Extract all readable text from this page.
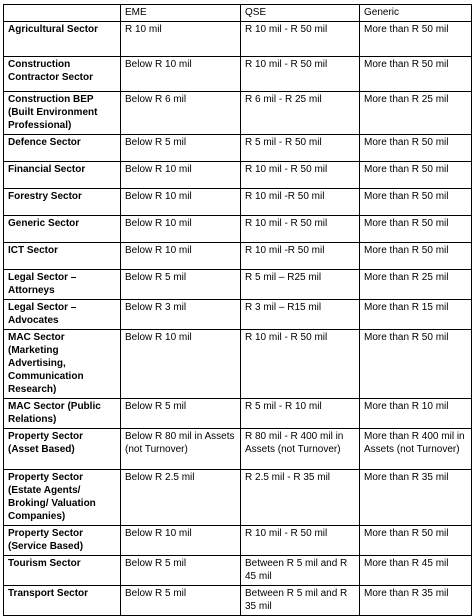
	EME	QSE	Generic
Agricultural Sector	R 10 mil	R 10 mil - R 50 mil	More than R 50 mil
Construction Contractor Sector	Below R 10 mil	R 10 mil - R 50 mil	More than R 50 mil
Construction BEP (Built Environment Professional)	Below R 6 mil	R 6 mil - R 25 mil	More than R 25 mil
Defence Sector	Below R 5 mil	R 5 mil - R 50 mil	More than R 50 mil
Financial Sector	Below R 10 mil	R 10 mil - R 50 mil	More than R 50 mil
Forestry Sector	Below R 10 mil	R 10 mil -R 50 mil	More than R 50 mil
Generic Sector	Below R 10 mil	R 10 mil - R 50 mil	More than R 50 mil
ICT Sector	Below R 10 mil	R 10 mil -R 50 mil	More than R 50 mil
Legal Sector – Attorneys	Below R 5 mil	R 5 mil – R25 mil	More than R 25 mil
Legal Sector – Advocates	Below R 3 mil	R 3 mil – R15 mil	More than R 15 mil
MAC Sector (Marketing Advertising, Communication Research)	Below R 10 mil	R 10 mil - R 50 mil	More than R 50 mil
MAC Sector (Public Relations)	Below R 5 mil	R 5 mil - R 10 mil	More than R 10 mil
Property Sector (Asset Based)	Below R 80 mil in Assets (not Turnover)	R 80 mil - R 400 mil in Assets (not Turnover)	More than R 400 mil in Assets (not Turnover)
Property Sector (Estate Agents/ Broking/ Valuation Companies)	Below R 2.5 mil	R 2.5 mil - R 35 mil	More than R 35 mil
Property Sector (Service Based)	Below R 10 mil	R 10 mil - R 50 mil	More than R 50 mil
Tourism Sector	Below R 5 mil	Between R 5 mil and R 45 mil	More than R 45 mil
Transport Sector	Below R 5 mil	Between R 5 mil and R 35 mil	More than R 35 mil
